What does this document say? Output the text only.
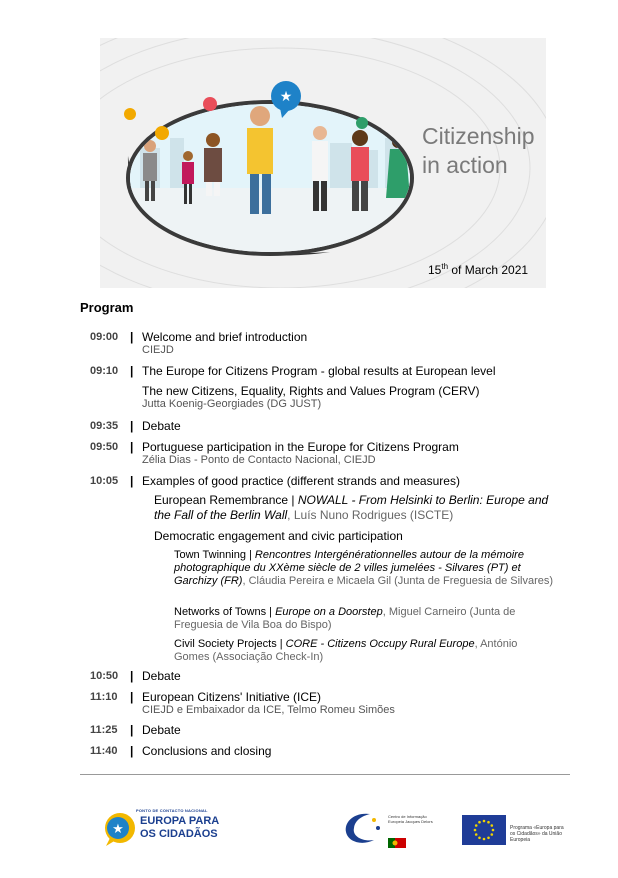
★
Citizenship
in action
15th of March 2021
Program
09:00 | Welcome and brief introduction
CIEJD
09:10 | The Europe for Citizens Program - global results at European level
The new Citizens, Equality, Rights and Values Program (CERV)
Jutta Koenig-Georgiades (DG JUST)
09:35 | Debate
09:50 | Portuguese participation in the Europe for Citizens Program
Zélia Dias - Ponto de Contacto Nacional, CIEJD
10:05 | Examples of good practice (different strands and measures)
European Remembrance | NOWALL - From Helsinki to Berlin: Europe and the Fall of the Berlin Wall, Luís Nuno Rodrigues (ISCTE)
Democratic engagement and civic participation
Town Twinning | Rencontres Intergénérationnelles autour de la mémoire photographique du XXème siècle de 2 villes jumelées - Silvares (PT) et Garchizy (FR), Cláudia Pereira e Micaela Gil (Junta de Freguesia de Silvares)
Networks of Towns | Europe on a Doorstep, Miguel Carneiro (Junta de Freguesia de Vila Boa do Bispo)
Civil Society Projects | CORE - Citizens Occupy Rural Europe, António Gomes (Associação Check-In)
10:50 | Debate
11:10	| European Citizens' Initiative (ICE)
CIEJD e Embaixador da ICE, Telmo Romeu Simões
11:25	| Debate
11:40	| Conclusions and closing
★
PONTO DE CONTACTO NACIONAL
EUROPA PARA
OS CIDADÃOS
Centro de Informação Europeia Jacques Delors
Programa «Europa para os Cidadãos» da União Europeia
